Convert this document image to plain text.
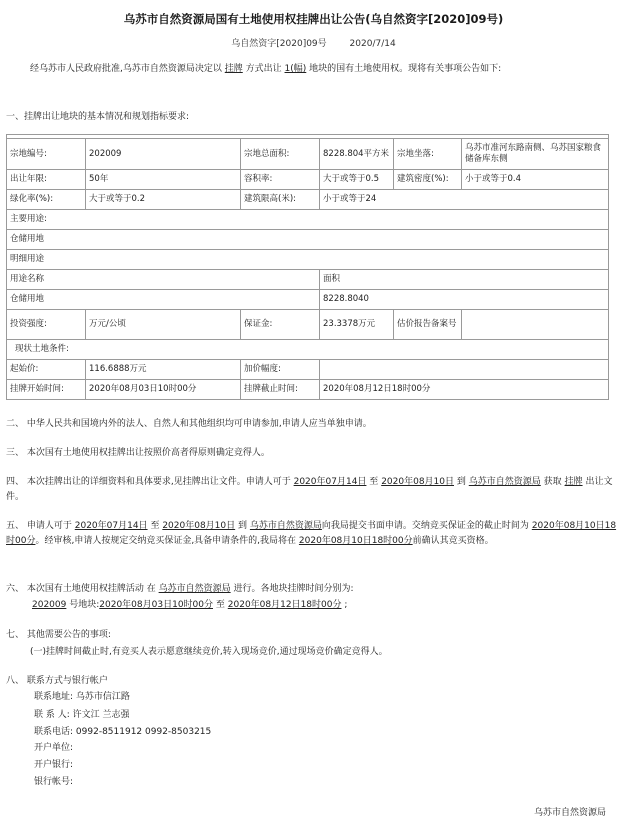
乌苏市自然资源局国有土地使用权挂牌出让公告(乌自然资字[2020]09号)
乌自然资字[2020]09号	2020/7/14
经乌苏市人民政府批准,乌苏市自然资源局决定以 挂牌 方式出让 1(幅) 地块的国有土地使用权。现将有关事项公告如下:
一、挂牌出让地块的基本情况和规划指标要求:

宗地编号:	202009	宗地总面积:	8228.804平方米	宗地坐落:	乌苏市准河东路南侧、乌苏国家粮食储备库东侧
出让年限:	50年	容积率:	大于或等于0.5	建筑密度(%):	小于或等于0.4
绿化率(%):	大于或等于0.2	建筑限高(米):	小于或等于24		
主要用途:					
仓储用地					
明细用途					
用途名称			面积		
仓储用地			8228.8040		
投资强度:	万元/公顷	保证金:	23.3378万元	估价报告备案号	
现状土地条件:					
起始价:	116.6888万元	加价幅度:			
挂牌开始时间:	2020年08月03日10时00分	挂牌截止时间:	2020年08月12日18时00分		
二、 中华人民共和国境内外的法人、自然人和其他组织均可申请参加,申请人应当单独申请。
三、 本次国有土地使用权挂牌出让按照价高者得原则确定竞得人。
四、 本次挂牌出让的详细资料和具体要求,见挂牌出让文件。申请人可于 2020年07月14日 至 2020年08月10日 到 乌苏市自然资源局 获取 挂牌 出让文件。
五、 申请人可于 2020年07月14日 至 2020年08月10日 到 乌苏市自然资源局向我局提交书面申请。交纳竞买保证金的截止时间为 2020年08月10日18时00分。经审核,申请人按规定交纳竞买保证金,具备申请条件的,我局将在 2020年08月10日18时00分前确认其竞买资格。
六、 本次国有土地使用权挂牌活动 在 乌苏市自然资源局 进行。各地块挂牌时间分别为:
202009 号地块:2020年08月03日10时00分 至 2020年08月12日18时00分 ;
七、 其他需要公告的事项:
(一)挂牌时间截止时,有竞买人表示愿意继续竞价,转入现场竞价,通过现场竞价确定竞得人。
八、 联系方式与银行帐户
联系地址: 乌苏市信江路
联 系 人: 许文江 兰志强
联系电话: 0992-8511912 0992-8503215
开户单位:
开户银行:
银行帐号:
乌苏市自然资源局
